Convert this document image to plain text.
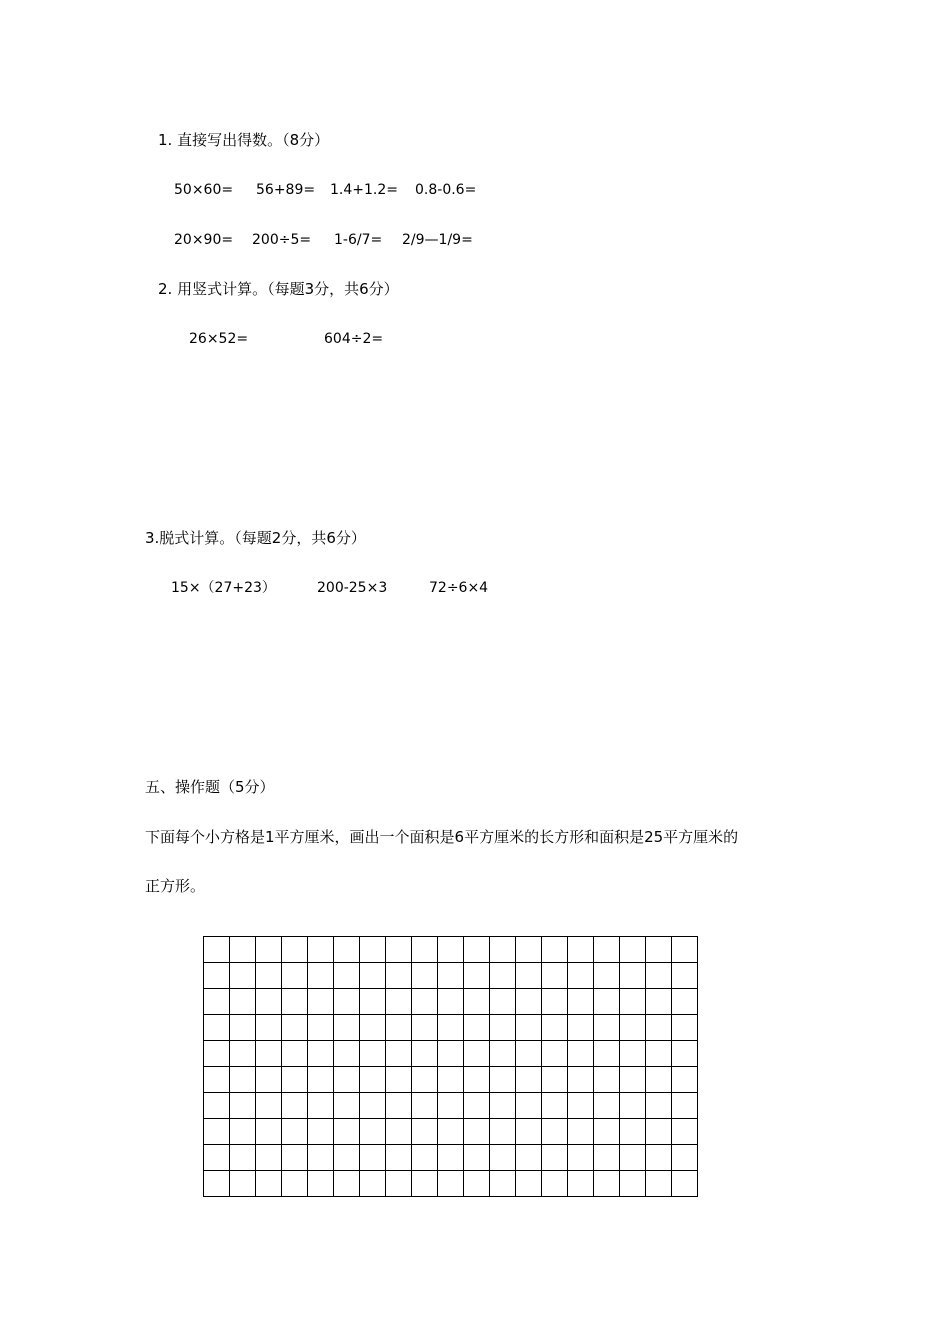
1. 直接写出得数。（8分）
50×60= 56+89= 1.4+1.2= 0.8-0.6=
20×90= 200÷5= 1-6/7= 2/9—1/9=
2. 用竖式计算。（每题3分，共6分）
26×52=	604÷2=
3.脱式计算。（每题2分，共6分）
15×（27+23）	200-25×3	72÷6×4
五、操作题（5分）
下面每个小方格是1平方厘米，画出一个面积是6平方厘米的长方形和面积是25平方厘米的
正方形。
